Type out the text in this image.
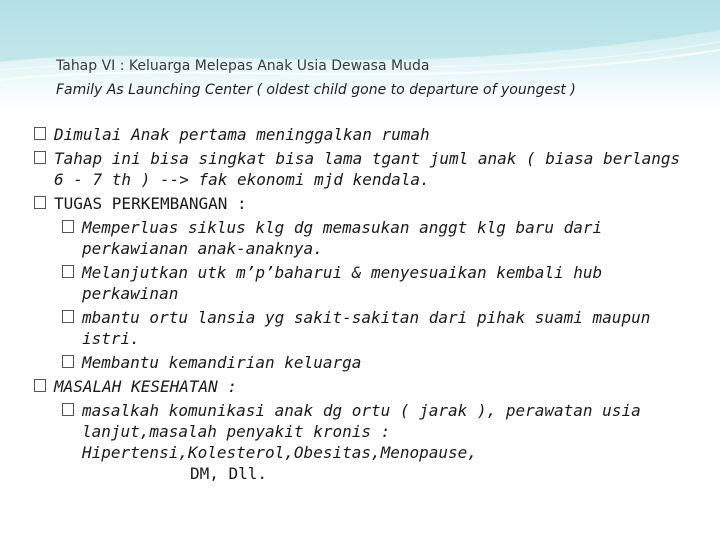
Tahap VI : Keluarga Melepas Anak Usia Dewasa Muda
Family As Launching Center ( oldest child gone to departure of youngest )
Dimulai Anak pertama meninggalkan rumah
Tahap ini bisa singkat bisa lama tgant juml anak ( biasa berlangs 6 - 7 th ) --> fak ekonomi mjd kendala.
TUGAS PERKEMBANGAN :
Memperluas siklus klg dg memasukan anggt klg baru dari perkawianan anak-anaknya.
Melanjutkan utk m’p’baharui & menyesuaikan kembali hub perkawinan
mbantu ortu lansia yg sakit-sakitan dari pihak suami maupun istri.
Membantu kemandirian keluarga
MASALAH KESEHATAN :
masalkah komunikasi anak dg ortu ( jarak ), perawatan usia lanjut,masalah penyakit kronis : Hipertensi,Kolesterol,Obesitas,Menopause,
DM, Dll.
